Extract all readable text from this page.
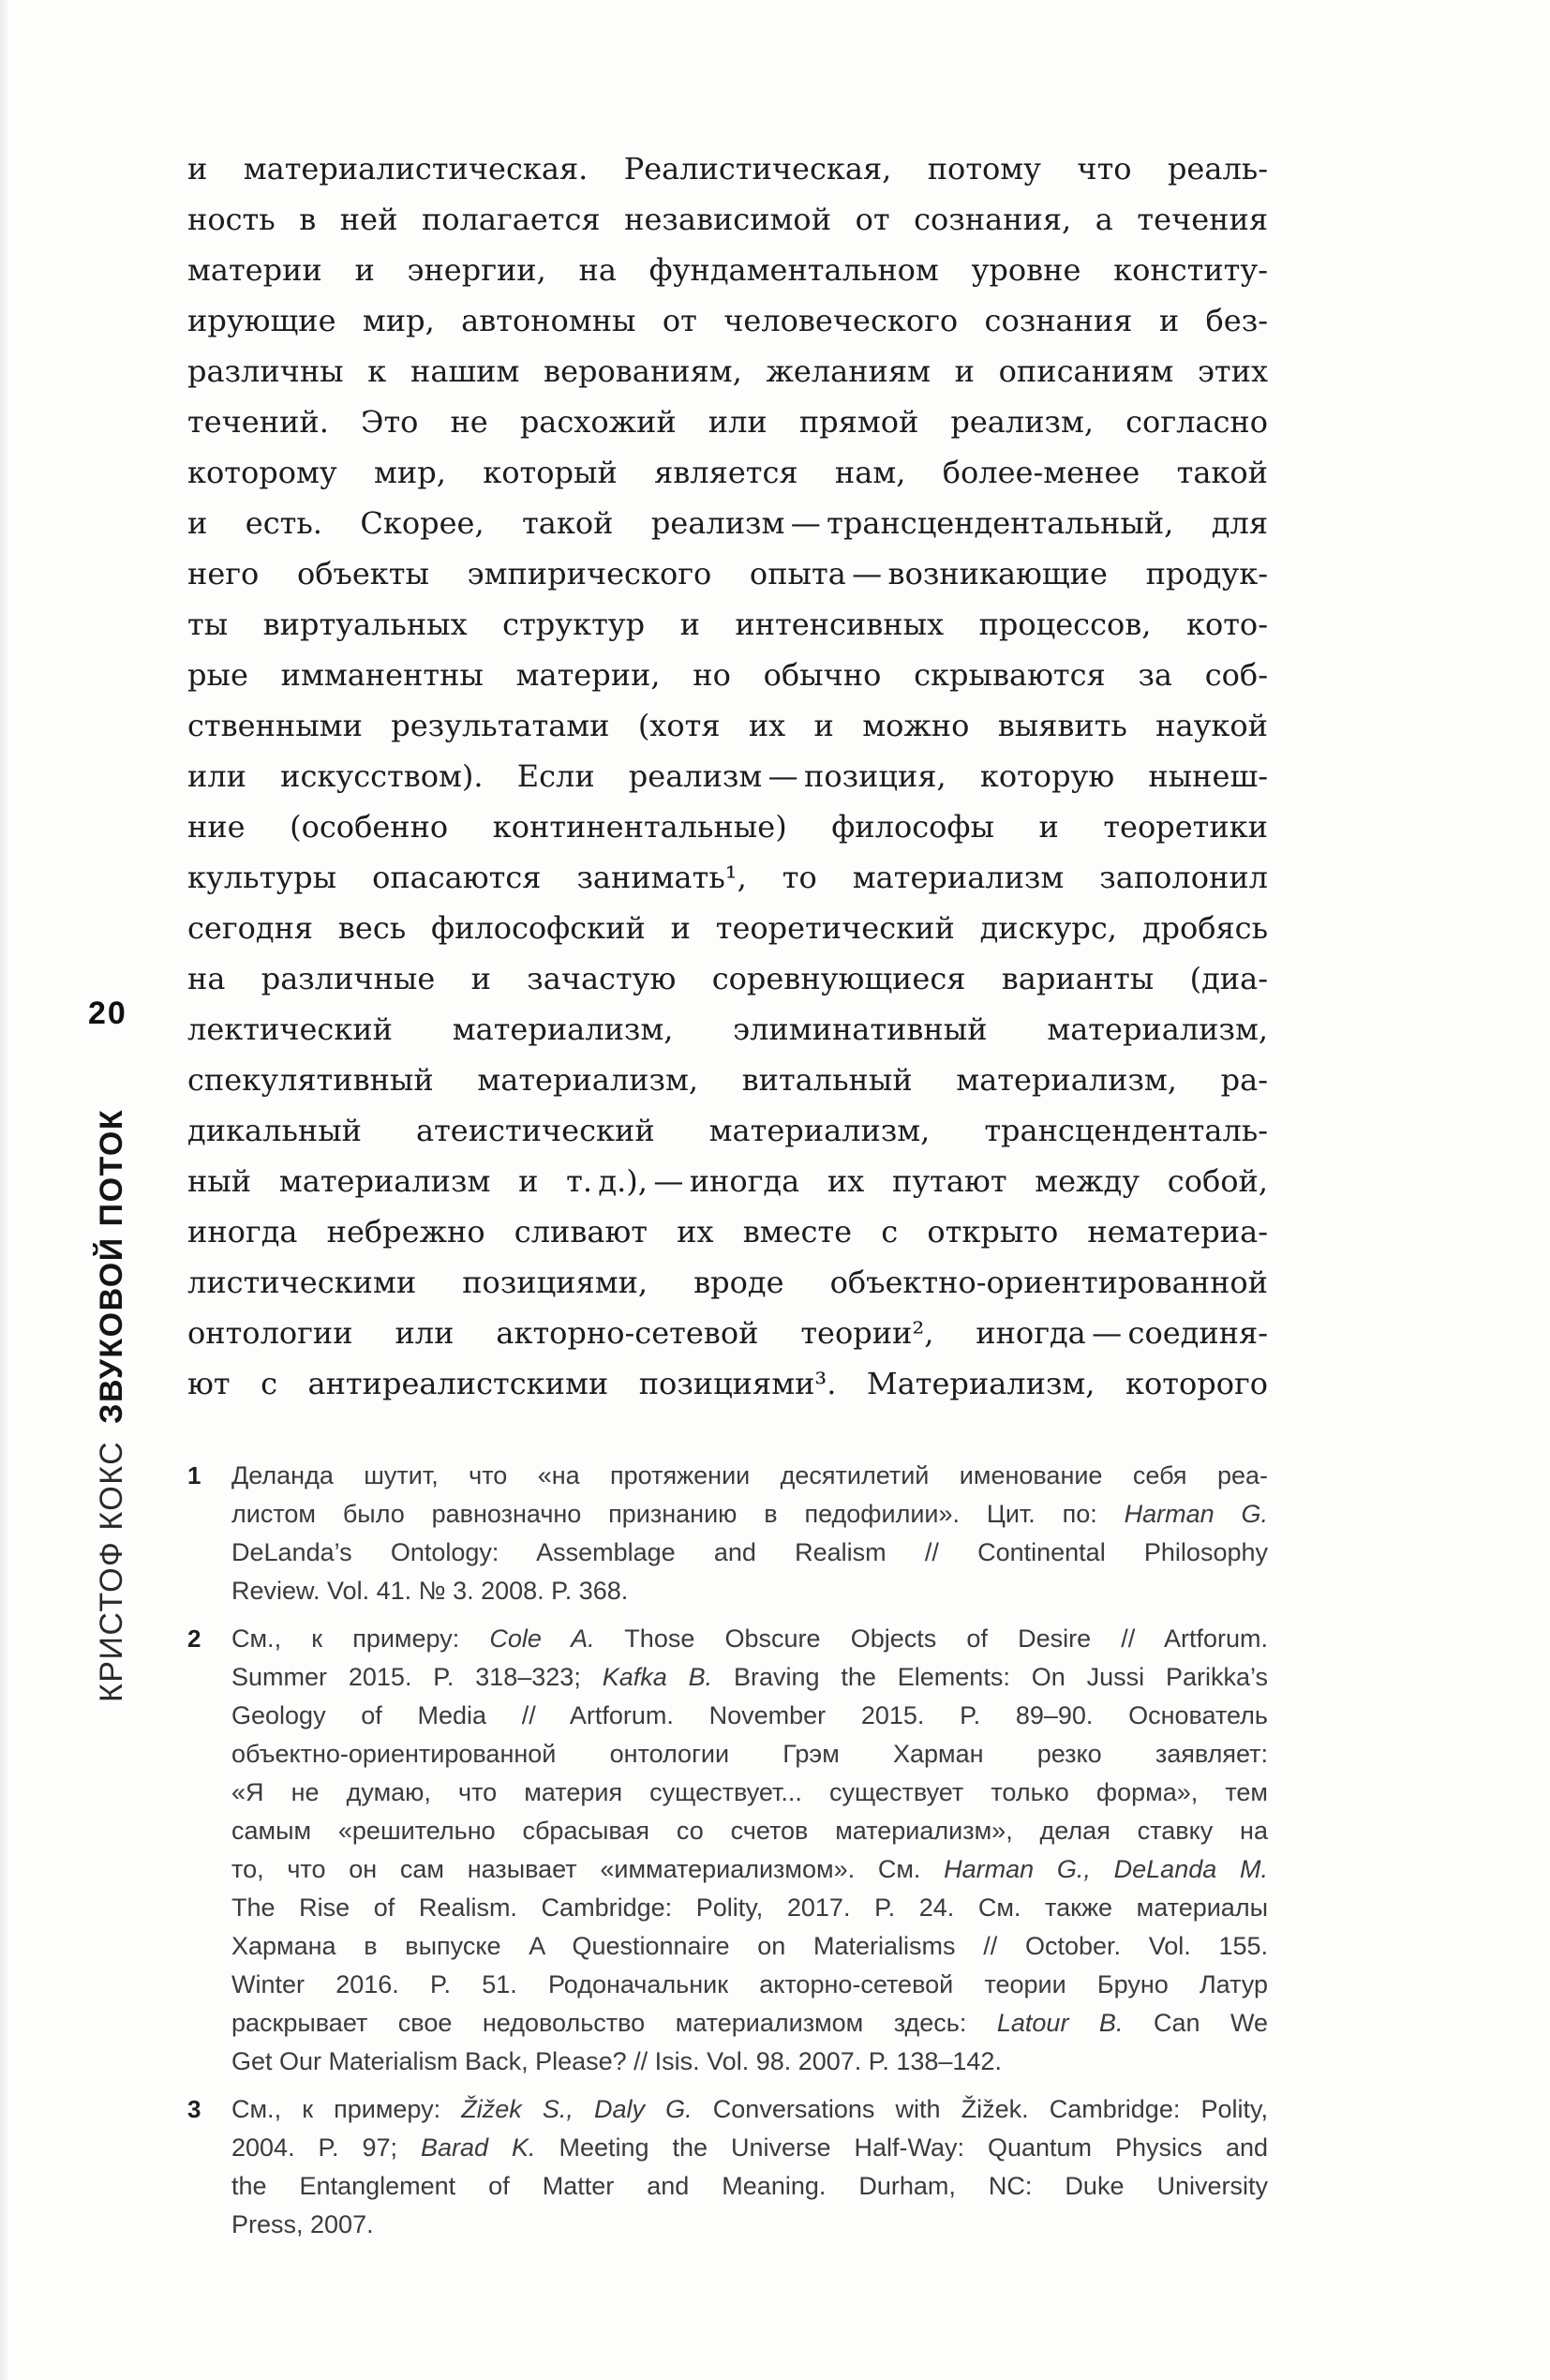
20
КРИСТОФ КОКСЗВУКОВОЙ ПОТОК
и материалистическая. Реалистическая, потому что реаль-
ность в ней полагается независимой от сознания, а течения
материи и энергии, на фундаментальном уровне конститу-
ирующие мир, автономны от человеческого сознания и без-
различны к нашим верованиям, желаниям и описаниям этих
течений. Это не расхожий или прямой реализм, согласно
которому мир, который является нам, более-менее такой
и есть. Скорее, такой реализм — трансцендентальный, для
него объекты эмпирического опыта — возникающие продук-
ты виртуальных структур и интенсивных процессов, кото-
рые имманентны материи, но обычно скрываются за соб-
ственными результатами (хотя их и можно выявить наукой
или искусством). Если реализм — позиция, которую нынеш-
ние (особенно континентальные) философы и теоретики
культуры опасаются занимать¹, то материализм заполонил
сегодня весь философский и теоретический дискурс, дробясь
на различные и зачастую соревнующиеся варианты (диа-
лектический материализм, элиминативный материализм,
спекулятивный материализм, витальный материализм, ра-
дикальный атеистический материализм, трансценденталь-
ный материализм и т. д.), — иногда их путают между собой,
иногда небрежно сливают их вместе с открыто нематериа-
листическими позициями, вроде объектно-ориентированной
онтологии или акторно-сетевой теории², иногда — соединя-
ют с антиреалистскими позициями³. Материализм, которого
1	Деланда шутит, что «на протяжении десятилетий именование себя реа-
листом было равнозначно признанию в педофилии». Цит. по: Harman G.
DeLanda’s Ontology: Assemblage and Realism // Continental Philosophy
Review. Vol. 41. № 3. 2008. P. 368.
2	См., к примеру: Cole A. Those Obscure Objects of Desire // Artforum.
Summer 2015. P. 318–323; Kafka B. Braving the Elements: On Jussi Parikka’s
Geology of Media // Artforum. November 2015. P. 89–90. Основатель
объектно-ориентированной онтологии Грэм Харман резко заявляет:
«Я не думаю, что материя существует... существует только форма», тем
самым «решительно сбрасывая со счетов материализм», делая ставку на
то, что он сам называет «имматериализмом». См. Harman G., DeLanda M.
The Rise of Realism. Cambridge: Polity, 2017. P. 24. См. также материалы
Хармана в выпуске A Questionnaire on Materialisms // October. Vol. 155.
Winter 2016. P. 51. Родоначальник акторно-сетевой теории Бруно Латур
раскрывает свое недовольство материализмом здесь: Latour B. Can We
Get Our Materialism Back, Please? // Isis. Vol. 98. 2007. P. 138–142.
3	См., к примеру: Žižek S., Daly G. Conversations with Žižek. Cambridge: Polity,
2004. P. 97; Barad K. Meeting the Universe Half-Way: Quantum Physics and
the Entanglement of Matter and Meaning. Durham, NC: Duke University
Press, 2007.
